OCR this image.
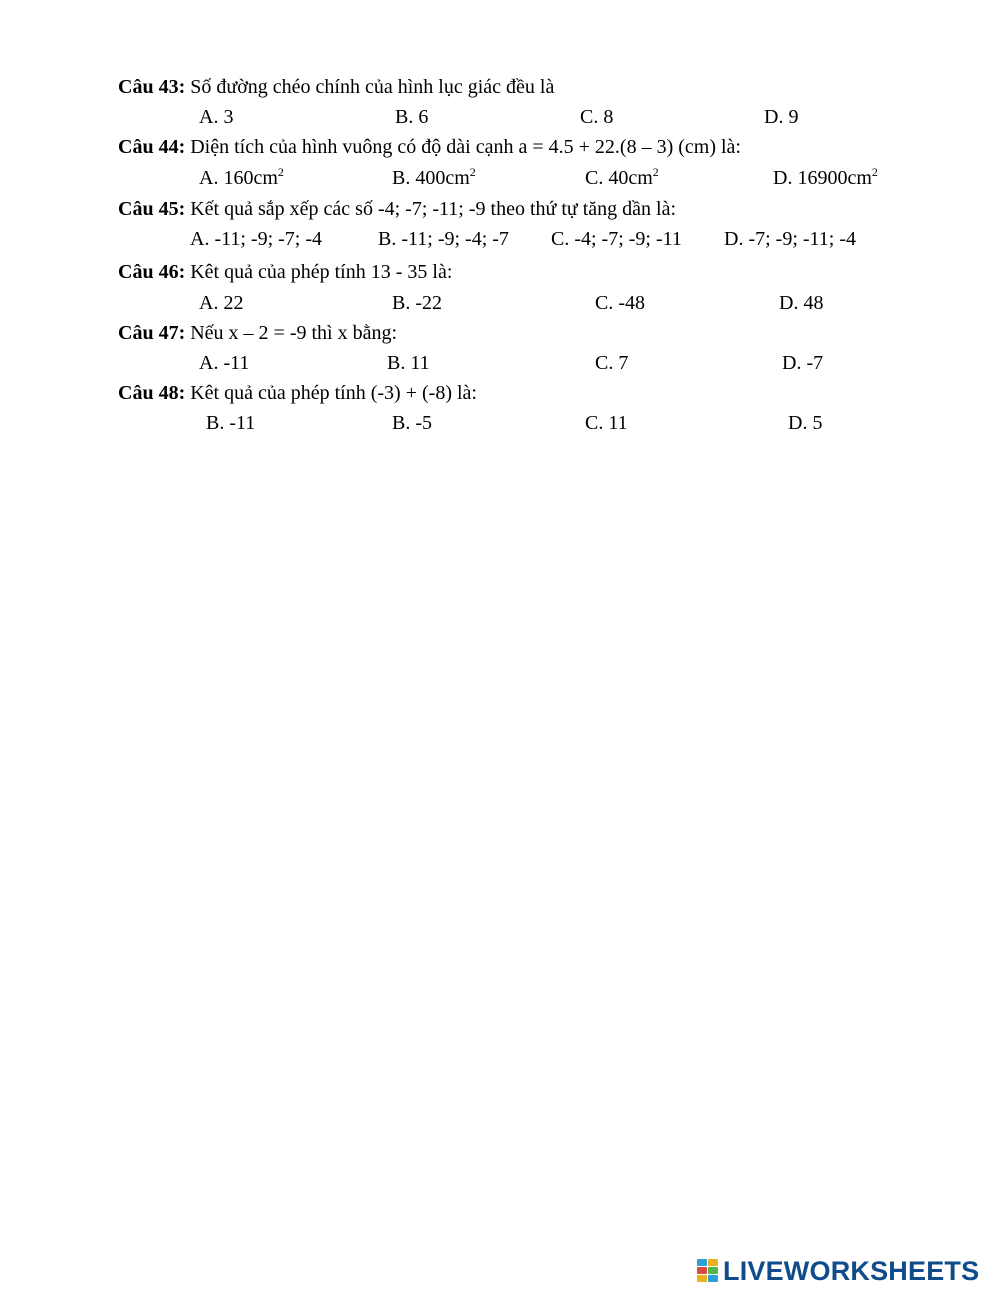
Câu 43: Số đường chéo chính của hình lục giác đều là
A. 3	B. 6	C. 8	D. 9
Câu 44: Diện tích của hình vuông có độ dài cạnh a = 4.5 + 22.(8 – 3) (cm) là:
A. $160cm^2$	B. $400cm^2$	C. $40cm^2$	D. $16900cm^2$
Câu 45: Kết quả sắp xếp các số -4; -7; -11; -9 theo thứ tự tăng dần là:
A. -11; -9; -7; -4	B. -11; -9; -4; -7 C. -4; -7; -9; -11 D. -7; -9; -11; -4
Câu 46: Kêt quả của phép tính 13 - 35 là:
A. 22	B. -22	C. -48	D. 48
Câu 47: Nếu x – 2 = -9 thì x bằng:
A. -11	B. 11	C. 7	D. -7
Câu 48: Kêt quả của phép tính (-3) + (-8) là:
B. -11	B. -5	C. 11	D. 5
LIVEWORKSHEETS
